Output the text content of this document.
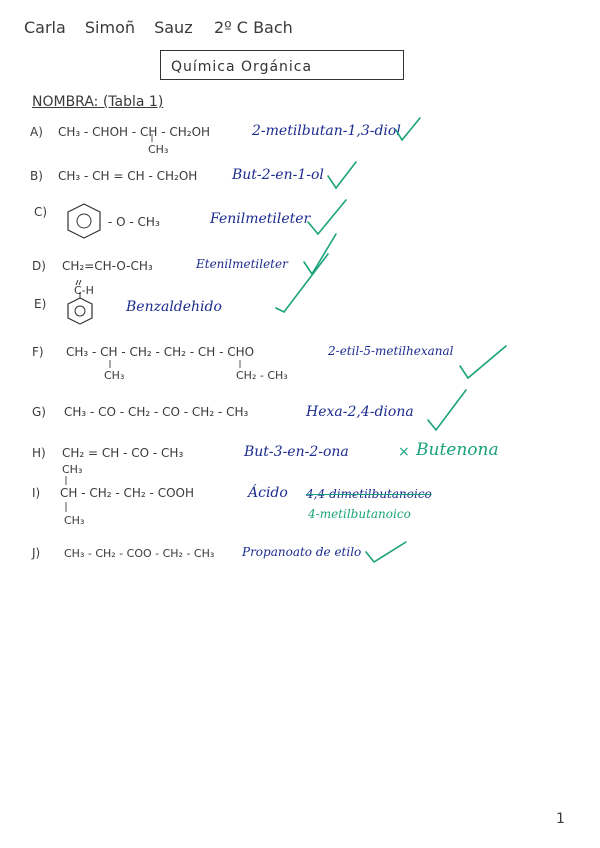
Carla Simoñ Sauz 2º C Bach
Química Orgánica
NOMBRA: (Tabla 1)
A) CH₃ - CHOH - CH - CH₂OH
CH₃
2-metilbutan-1,3-diol
B) CH₃ - CH = CH - CH₂OH But-2-en-1-ol
C)
- O - CH₃	Fenilmetileter
D) CH₂=CH-O-CH₃	Etenilmetileter
E)
C-H
Benzaldehido
F) CH₃ - CH - CH₂ - CH₂ - CH - CHO
CH₃	CH₂ - CH₃
2-etil-5-metilhexanal
G) CH₃ - CO - CH₂ - CO - CH₂ - CH₃	Hexa-2,4-diona
H) CH₂ = CH - CO - CH₃	But-3-en-2-ona	× Butenona
CH₃
I) CH - CH₂ - CH₂ - COOH
CH₃
Ácido 4,4-dimetilbutanoico
4-metilbutanoico
J) CH₃ - CH₂ - COO - CH₂ - CH₃ Propanoato de etilo
1
